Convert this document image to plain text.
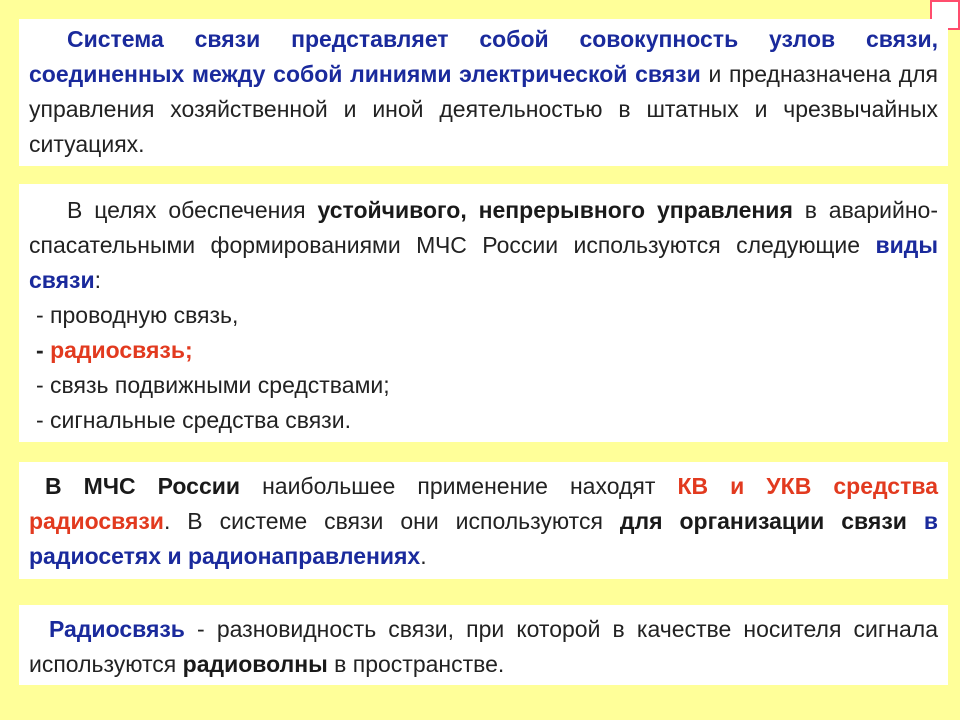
Система связи представляет собой совокупность узлов связи, соединенных между собой линиями электрической связи и предназначена для управления хозяйственной и иной деятельностью в штатных и чрезвычайных ситуациях.

В целях обеспечения устойчивого, непрерывного управления в аварийно-спасательными формированиями МЧС России используются следующие виды связи:

- проводную связь,

- радиосвязь;

- связь подвижными средствами;

- сигнальные средства связи.

В МЧС России наибольшее применение находят КВ и УКВ средства радиосвязи. В системе связи они используются для организации связи в радиосетях и радионаправлениях.

Радиосвязь - разновидность связи, при которой в качестве носителя сигнала используются радиоволны в пространстве.
